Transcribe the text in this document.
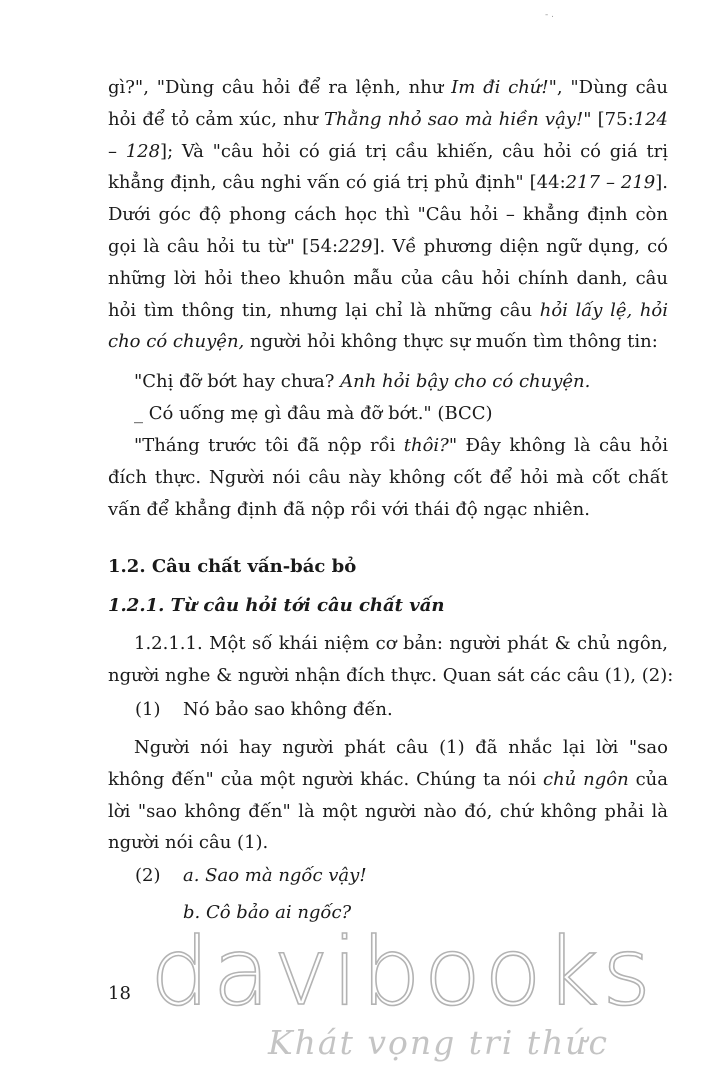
- .
gì?", "Dùng câu hỏi để ra lệnh, như Im đi chứ!", "Dùng câu
hỏi để tỏ cảm xúc, như Thằng nhỏ sao mà hiền vậy!" [75:124
– 128]; Và "câu hỏi có giá trị cầu khiến, câu hỏi có giá trị
khẳng định, câu nghi vấn có giá trị phủ định" [44:217 – 219].
Dưới góc độ phong cách học thì "Câu hỏi – khẳng định còn
gọi là câu hỏi tu từ" [54:229]. Về phương diện ngữ dụng, có
những lời hỏi theo khuôn mẫu của câu hỏi chính danh, câu
hỏi tìm thông tin, nhưng lại chỉ là những câu hỏi lấy lệ, hỏi
cho có chuyện, người hỏi không thực sự muốn tìm thông tin:
"Chị đỡ bớt hay chưa? Anh hỏi bậy cho có chuyện.
_ Có uống mẹ gì đâu mà đỡ bớt." (BCC)
"Tháng trước tôi đã nộp rồi thôi?" Đây không là câu hỏi
đích thực. Người nói câu này không cốt để hỏi mà cốt chất
vấn để khẳng định đã nộp rồi với thái độ ngạc nhiên.
1.2. Câu chất vấn-bác bỏ
1.2.1. Từ câu hỏi tới câu chất vấn
1.2.1.1. Một số khái niệm cơ bản: người phát & chủ ngôn,
người nghe & người nhận đích thực. Quan sát các câu (1), (2):
(1) Nó bảo sao không đến.
Người nói hay người phát câu (1) đã nhắc lại lời "sao
không đến" của một người khác. Chúng ta nói chủ ngôn của
lời "sao không đến" là một người nào đó, chứ không phải là
người nói câu (1).
(2) a. Sao mà ngốc vậy!
b. Cô bảo ai ngốc?
18 davibooks
Khát vọng tri thức
